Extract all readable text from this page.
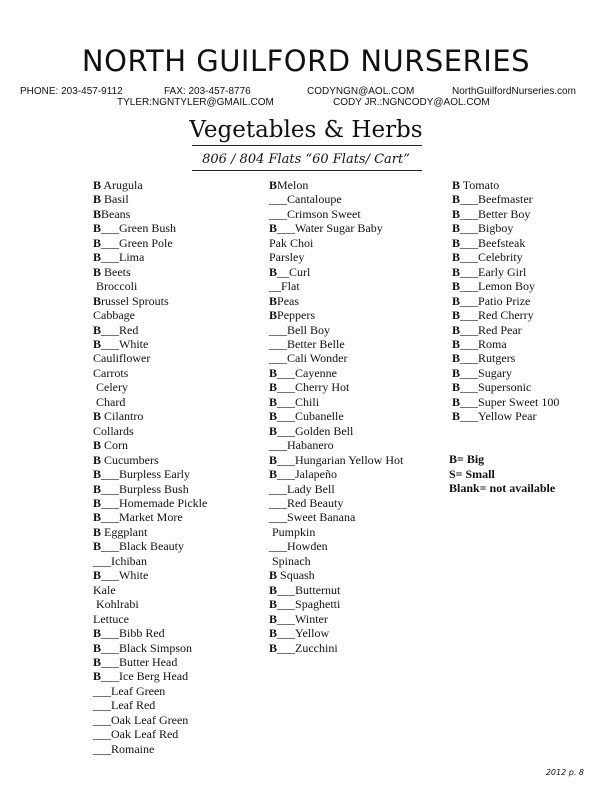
NORTH GUILFORD NURSERIES
PHONE: 203-457-9112	FAX: 203-457-8776	CODYNGN@AOL.COM	NorthGuilfordNurseries.com
TYLER:NGNTYLER@GMAIL.COM	CODY JR.:NGNCODY@AOL.COM
Vegetables & Herbs
806 / 804 Flats “60 Flats/ Cart”
B Arugula
B Basil
BBeans
B___Green Bush
B___Green Pole
B___Lima
B Beets
Broccoli
Brussel Sprouts
Cabbage
B___Red
B___White
Cauliflower
Carrots
Celery
Chard
B Cilantro
Collards
B Corn
B Cucumbers
B___Burpless Early
B___Burpless Bush
B___Homemade Pickle
B___Market More
B Eggplant
B___Black Beauty
___Ichiban
B___White
Kale
Kohlrabi
Lettuce
B___Bibb Red
B___Black Simpson
B___Butter Head
B___Ice Berg Head
___Leaf Green
___Leaf Red
___Oak Leaf Green
___Oak Leaf Red
___Romaine
BMelon
___Cantaloupe
___Crimson Sweet
B___Water Sugar Baby
Pak Choi
Parsley
B__Curl
__Flat
BPeas
BPeppers
___Bell Boy
___Better Belle
___Cali Wonder
B___Cayenne
B___Cherry Hot
B___Chili
B___Cubanelle
B___Golden Bell
___Habanero
B___Hungarian Yellow Hot
B___Jalapeño
___Lady Bell
___Red Beauty
___Sweet Banana
Pumpkin
___Howden
Spinach
B Squash
B___Butternut
B___Spaghetti
B___Winter
B___Yellow
B___Zucchini
B Tomato
B___Beefmaster
B___Better Boy
B___Bigboy
B___Beefsteak
B___Celebrity
B___Early Girl
B___Lemon Boy
B___Patio Prize
B___Red Cherry
B___Red Pear
B___Roma
B___Rutgers
B___Sugary
B___Supersonic
B___Super Sweet 100
B___Yellow Pear
B= Big
S= Small
Blank= not available
2012 p. 8
